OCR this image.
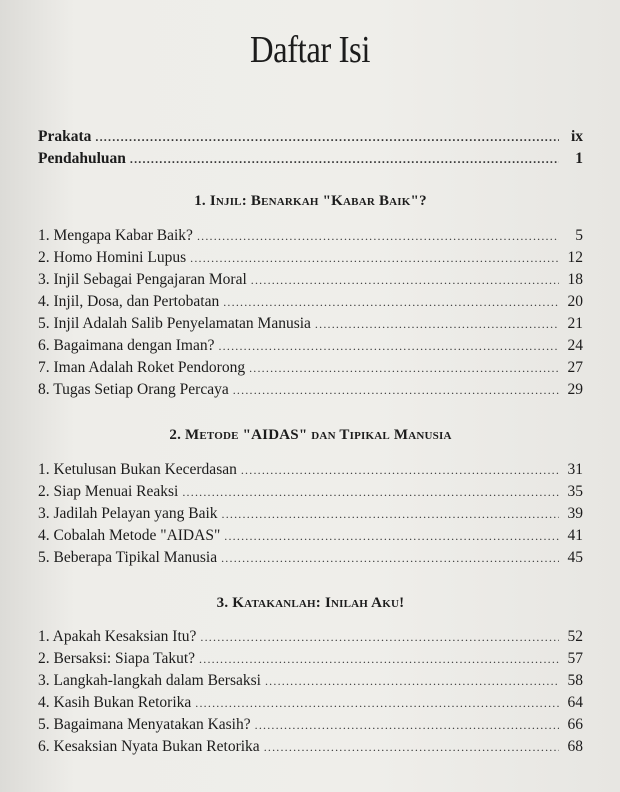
Daftar Isi
Prakata .....	ix
Pendahuluan .....	1
1. Injil: Benarkah "Kabar Baik"?
1. Mengapa Kabar Baik? .....	5
2. Homo Homini Lupus .....	12
3. Injil Sebagai Pengajaran Moral .....	18
4. Injil, Dosa, dan Pertobatan .....	20
5. Injil Adalah Salib Penyelamatan Manusia .....	21
6. Bagaimana dengan Iman? .....	24
7. Iman Adalah Roket Pendorong .....	27
8. Tugas Setiap Orang Percaya .....	29
2. Metode "AIDAS" dan Tipikal Manusia
1. Ketulusan Bukan Kecerdasan .....	31
2. Siap Menuai Reaksi .....	35
3. Jadilah Pelayan yang Baik .....	39
4. Cobalah Metode "AIDAS" .....	41
5. Beberapa Tipikal Manusia .....	45
3. Katakanlah: Inilah Aku!
1. Apakah Kesaksian Itu? .....	52
2. Bersaksi: Siapa Takut? .....	57
3. Langkah-langkah dalam Bersaksi .....	58
4. Kasih Bukan Retorika .....	64
5. Bagaimana Menyatakan Kasih? .....	66
6. Kesaksian Nyata Bukan Retorika .....	68
